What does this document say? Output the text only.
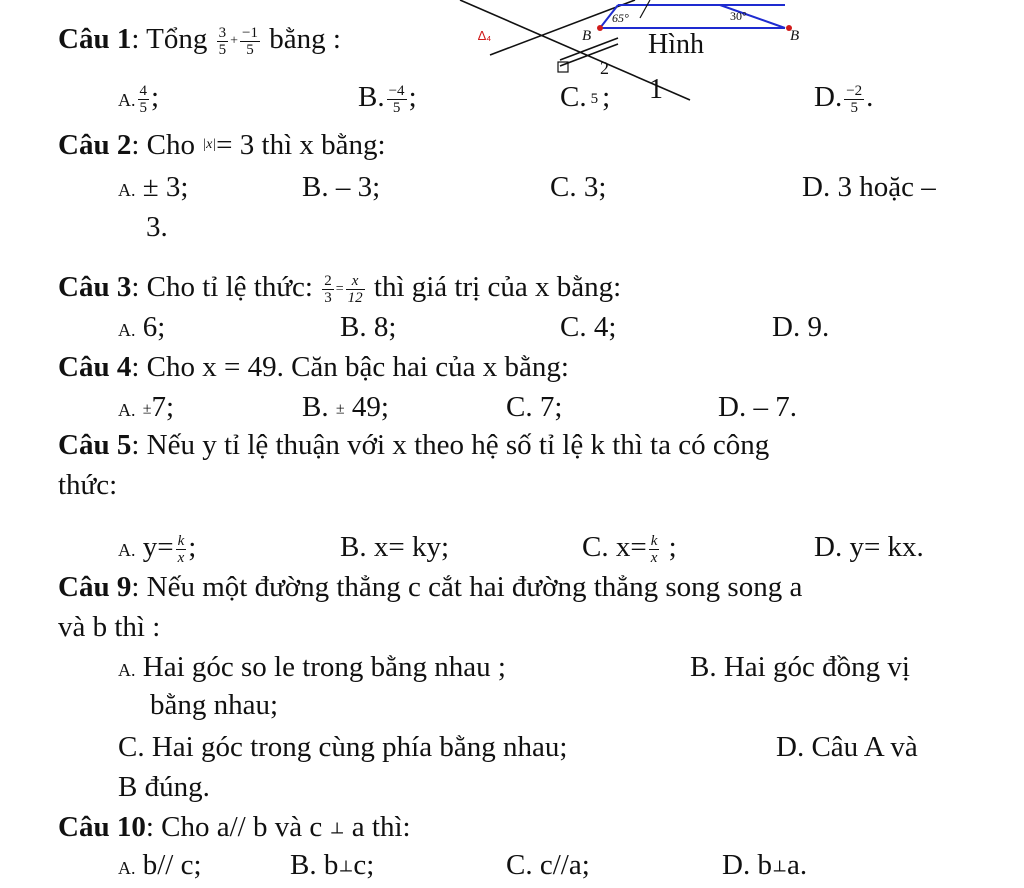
65°	30°
B	B
Hình
2
1
∆₄
Câu 1: Tổng $\frac{3}{5} + \frac{-1}{5}$ bằng :
A. $\frac{4}{5}$ ;	B. $\frac{-4}{5}$ ;	C. 5 ;	D. $\frac{-2}{5}$ .
Câu 2: Cho $^{|x|}$= 3 thì x bằng:
A. ± 3;	B. – 3;	C. 3;	D. 3 hoặc –
3.
Câu 3: Cho tỉ lệ thức: $\frac{2}{3} = \frac{x}{12}$ thì giá trị của x bằng:
A. 6;	B. 8;	C. 4;	D. 9.
Câu 4: Cho x = 49. Căn bậc hai của x bằng:
A. ±7;	B. ± 49;	C. 7;	D. – 7.
Câu 5: Nếu y tỉ lệ thuận với x theo hệ số tỉ lệ k thì ta có công
thức:
A. $y= \frac{k}{x}$ ;	B. x= ky;	C. $x= \frac{k}{x}$ ;	D. y= kx.
Câu 9: Nếu một đường thẳng c cắt hai đường thẳng song song a
và b thì :
A. Hai góc so le trong bằng nhau ;	B. Hai góc đồng vị
bằng nhau;
C. Hai góc trong cùng phía bằng nhau;	D. Câu A và
B đúng.
Câu 10: Cho a// b và c ⊥ a thì:
A. b// c;	B. b⊥c;	C. c//a;	D. b⊥a.
